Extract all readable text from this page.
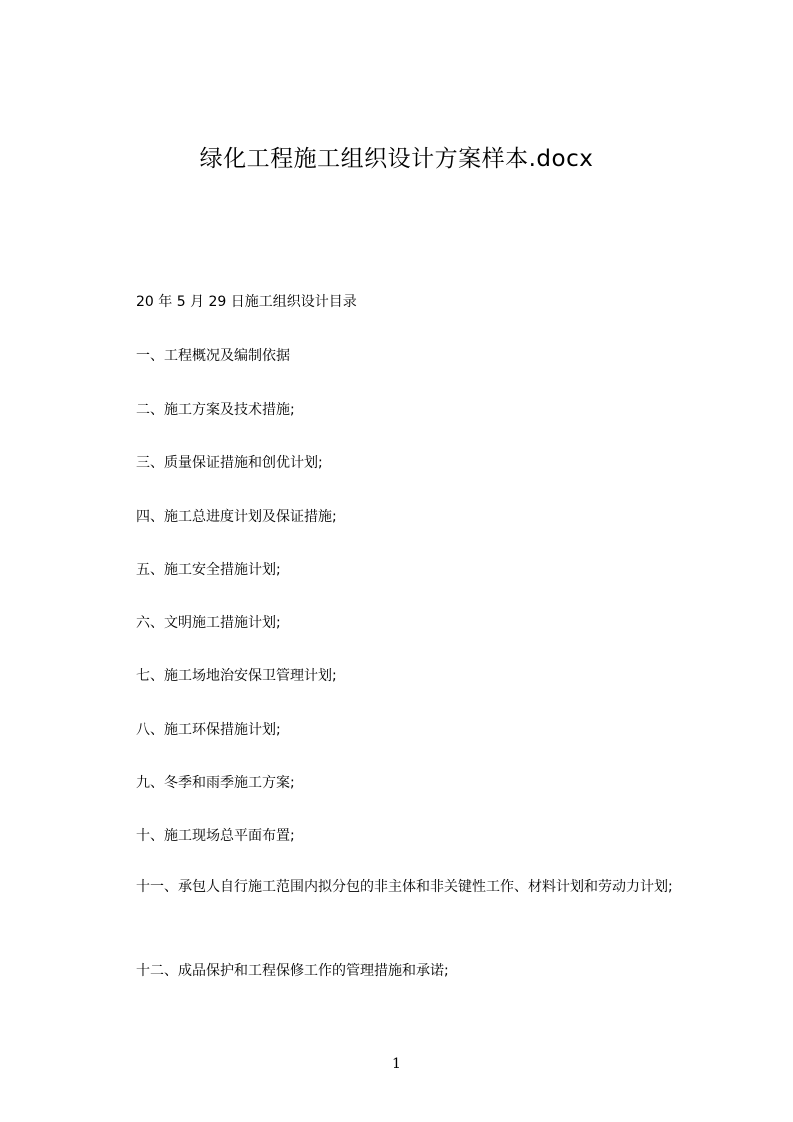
绿化工程施工组织设计方案样本.docx
20 年 5 月 29 日施工组织设计目录
一、工程概况及编制依据
二、施工方案及技术措施;
三、质量保证措施和创优计划;
四、施工总进度计划及保证措施;
五、施工安全措施计划;
六、文明施工措施计划;
七、施工场地治安保卫管理计划;
八、施工环保措施计划;
九、冬季和雨季施工方案;
十、施工现场总平面布置;
十一、承包人自行施工范围内拟分包的非主体和非关键性工作、材料计划和劳动力计划;
十二、成品保护和工程保修工作的管理措施和承诺;
1
